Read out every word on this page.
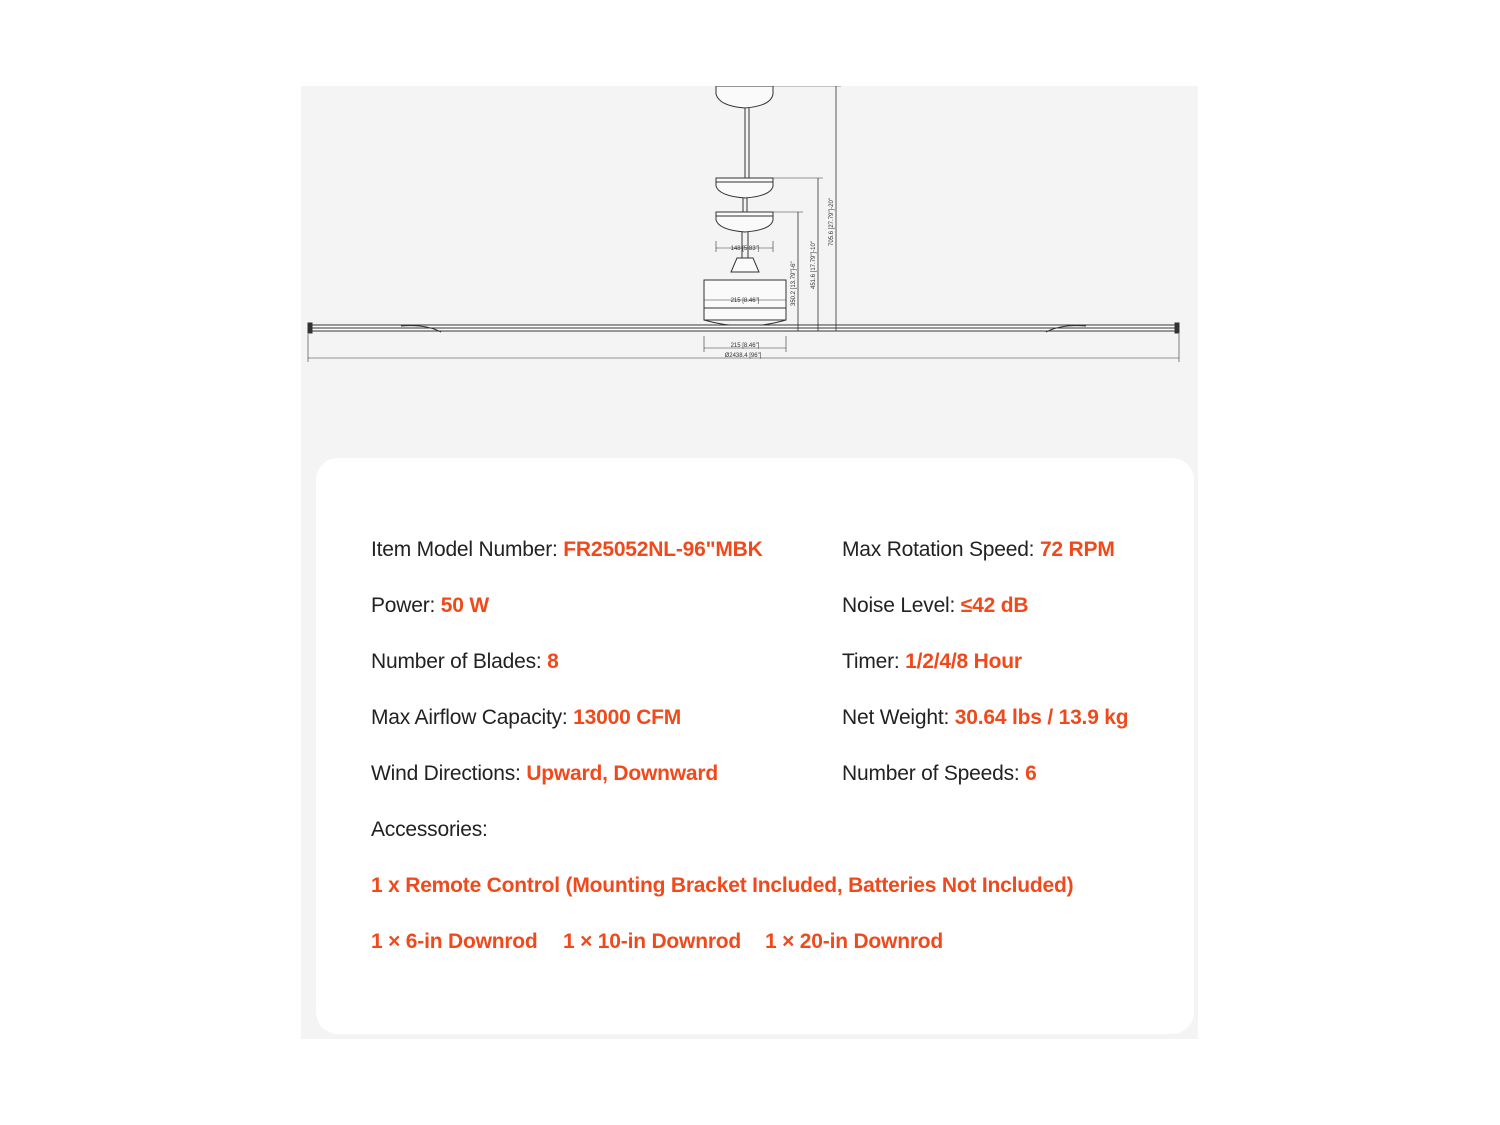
148 [5.83"]
215 [8.46"]
215 [8.46"]
Ø2438.4 [96"]
350.2 [13.79"]-6" 451.6 [17.79"]-10"
705.6 [27.79"]-20"
Item Model Number: FR25052NL-96"MBK
Power: 50 W
Number of Blades: 8
Max Airflow Capacity: 13000 CFM
Wind Directions: Upward, Downward
Max Rotation Speed: 72 RPM
Noise Level: ≤42 dB
Timer: 1/2/4/8 Hour
Net Weight: 30.64 lbs / 13.9 kg
Number of Speeds: 6
Accessories:
1 x Remote Control (Mounting Bracket Included, Batteries Not Included)
1 × 6-in Downrod 1 × 10-in Downrod 1 × 20-in Downrod
